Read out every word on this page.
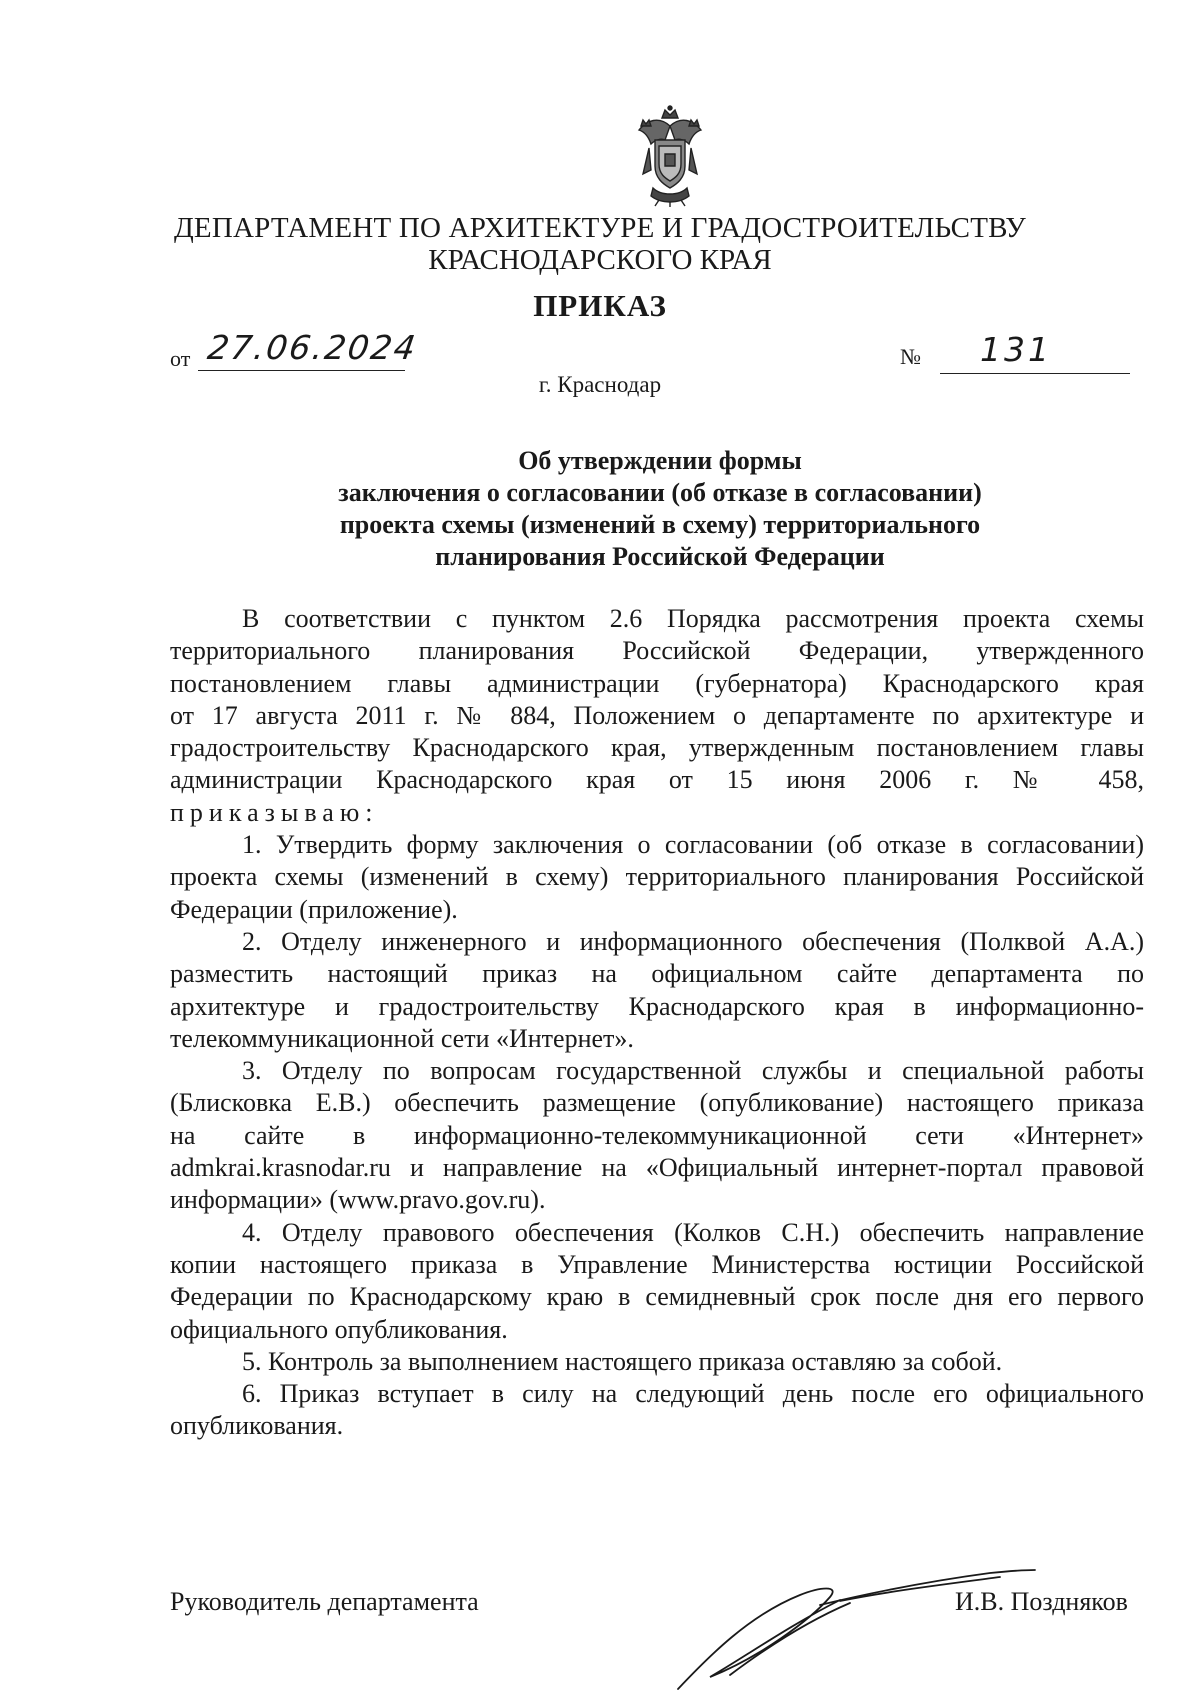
ДЕПАРТАМЕНТ ПО АРХИТЕКТУРЕ И ГРАДОСТРОИТЕЛЬСТВУ
КРАСНОДАРСКОГО КРАЯ
ПРИКАЗ
от 27.06.2024	№ 131
г. Краснодар
Об утверждении формы
заключения о согласовании (об отказе в согласовании)
проекта схемы (изменений в схему) территориального
планирования Российской Федерации
В соответствии с пунктом 2.6 Порядка рассмотрения проекта схемы
территориального планирования Российской Федерации, утвержденного
постановлением главы администрации (губернатора) Краснодарского края
от 17 августа 2011 г. № 884, Положением о департаменте по архитектуре и
градостроительству Краснодарского края, утвержденным постановлением главы
администрации Краснодарского края от 15 июня 2006 г. № 458,
приказываю:
1. Утвердить форму заключения о согласовании (об отказе в согласовании)
проекта схемы (изменений в схему) территориального планирования Российской
Федерации (приложение).
2. Отделу инженерного и информационного обеспечения (Полквой А.А.)
разместить настоящий приказ на официальном сайте департамента по
архитектуре и градостроительству Краснодарского края в информационно-
телекоммуникационной сети «Интернет».
3. Отделу по вопросам государственной службы и специальной работы
(Блисковка Е.В.) обеспечить размещение (опубликование) настоящего приказа
на сайте в информационно-телекоммуникационной сети «Интернет»
admkrai.krasnodar.ru и направление на «Официальный интернет-портал правовой
информации» (www.pravo.gov.ru).
4. Отделу правового обеспечения (Колков С.Н.) обеспечить направление
копии настоящего приказа в Управление Министерства юстиции Российской
Федерации по Краснодарскому краю в семидневный срок после дня его первого
официального опубликования.
5. Контроль за выполнением настоящего приказа оставляю за собой.
6. Приказ вступает в силу на следующий день после его официального
опубликования.
Руководитель департамента	И.В. Поздняков
